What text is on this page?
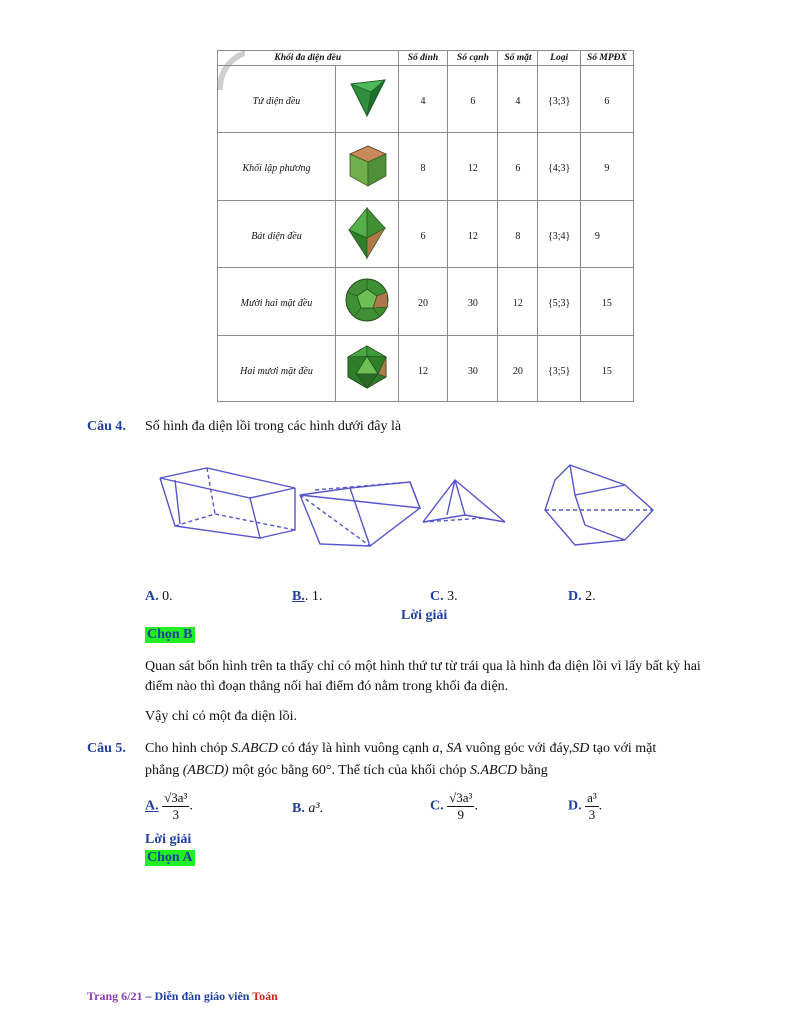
Khối đa diện đều		Số đỉnh	Số cạnh	Số mặt	Loại	Số MPĐX
Tứ diện đều		4	6	4	{3;3}	6
Khối lập phương		8	12	6	{4;3}	9
Bát diện đều		6	12	8	{3;4}	9
Mười hai mặt đều		20	30	12	{5;3}	15
Hai mươi mặt đều		12	30	20	{3;5}	15
Câu 4. Số hình đa diện lồi trong các hình dưới đây là
A. 0.	B.. 1.	C. 3.	D. 2.
Lời giải
Chọn B
Quan sát bốn hình trên ta thấy chỉ có một hình thứ tư từ trái qua là hình đa diện lồi vì lấy bất kỳ hai điểm nào thì đoạn thẳng nối hai điểm đó nằm trong khối đa diện.
Vậy chỉ có một đa diện lồi.
Câu 5. Cho hình chóp S.ABCD có đáy là hình vuông cạnh a, SA vuông góc với đáy,SD tạo với mặt
phẳng (ABCD) một góc bằng 60°. Thể tích của khối chóp S.ABCD bằng
A. $\frac{\text{√3a³}}{3}$ .	B. a³.	C. $\frac{\text{√3a³}}{9}$ .	D. $\frac{\text{a³}}{3}$ .
Lời giải
Chọn A
Trang 6/21 – Diễn đàn giáo viên Toán
